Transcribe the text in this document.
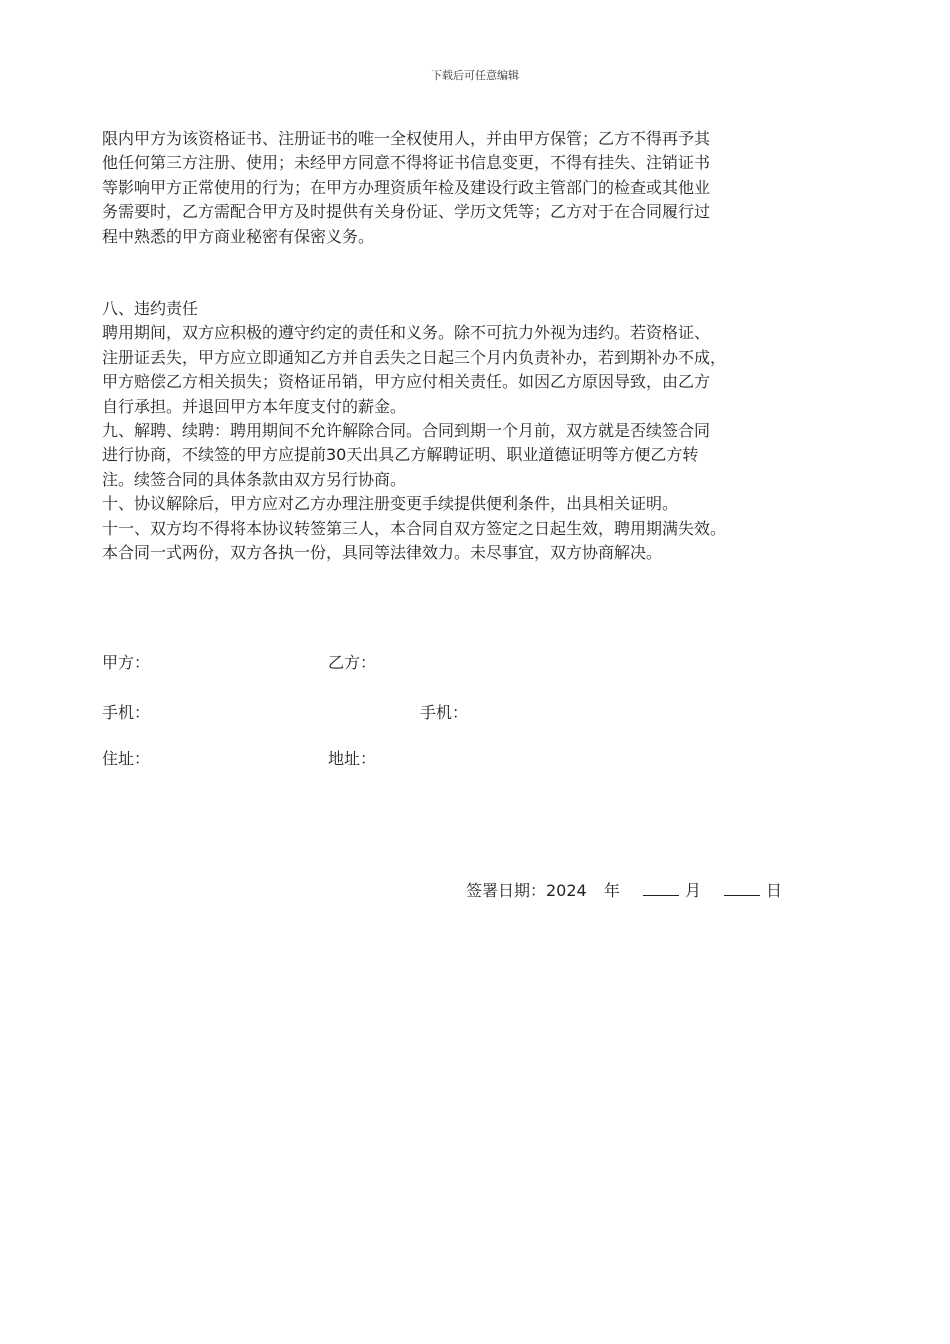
下载后可任意编辑

限内甲方为该资格证书、注册证书的唯一全权使用人，并由甲方保管；乙方不得再予其

他任何第三方注册、使用；未经甲方同意不得将证书信息变更，不得有挂失、注销证书

等影响甲方正常使用的行为；在甲方办理资质年检及建设行政主管部门的检查或其他业

务需要时，乙方需配合甲方及时提供有关身份证、学历文凭等；乙方对于在合同履行过

程中熟悉的甲方商业秘密有保密义务。

八、违约责任

聘用期间，双方应积极的遵守约定的责任和义务。除不可抗力外视为违约。若资格证、

注册证丢失，甲方应立即通知乙方并自丢失之日起三个月内负责补办，若到期补办不成，

甲方赔偿乙方相关损失；资格证吊销，甲方应付相关责任。如因乙方原因导致，由乙方

自行承担。并退回甲方本年度支付的薪金。

九、解聘、续聘：聘用期间不允许解除合同。合同到期一个月前，双方就是否续签合同

进行协商，不续签的甲方应提前30天出具乙方解聘证明、职业道德证明等方便乙方转

注。续签合同的具体条款由双方另行协商。

十、协议解除后，甲方应对乙方办理注册变更手续提供便利条件，出具相关证明。

十一、双方均不得将本协议转签第三人，本合同自双方签定之日起生效，聘用期满失效。

本合同一式两份，双方各执一份，具同等法律效力。未尽事宜，双方协商解决。

甲方：	乙方：
手机：	手机：
住址：	地址：
签署日期：2024 年	月	日
